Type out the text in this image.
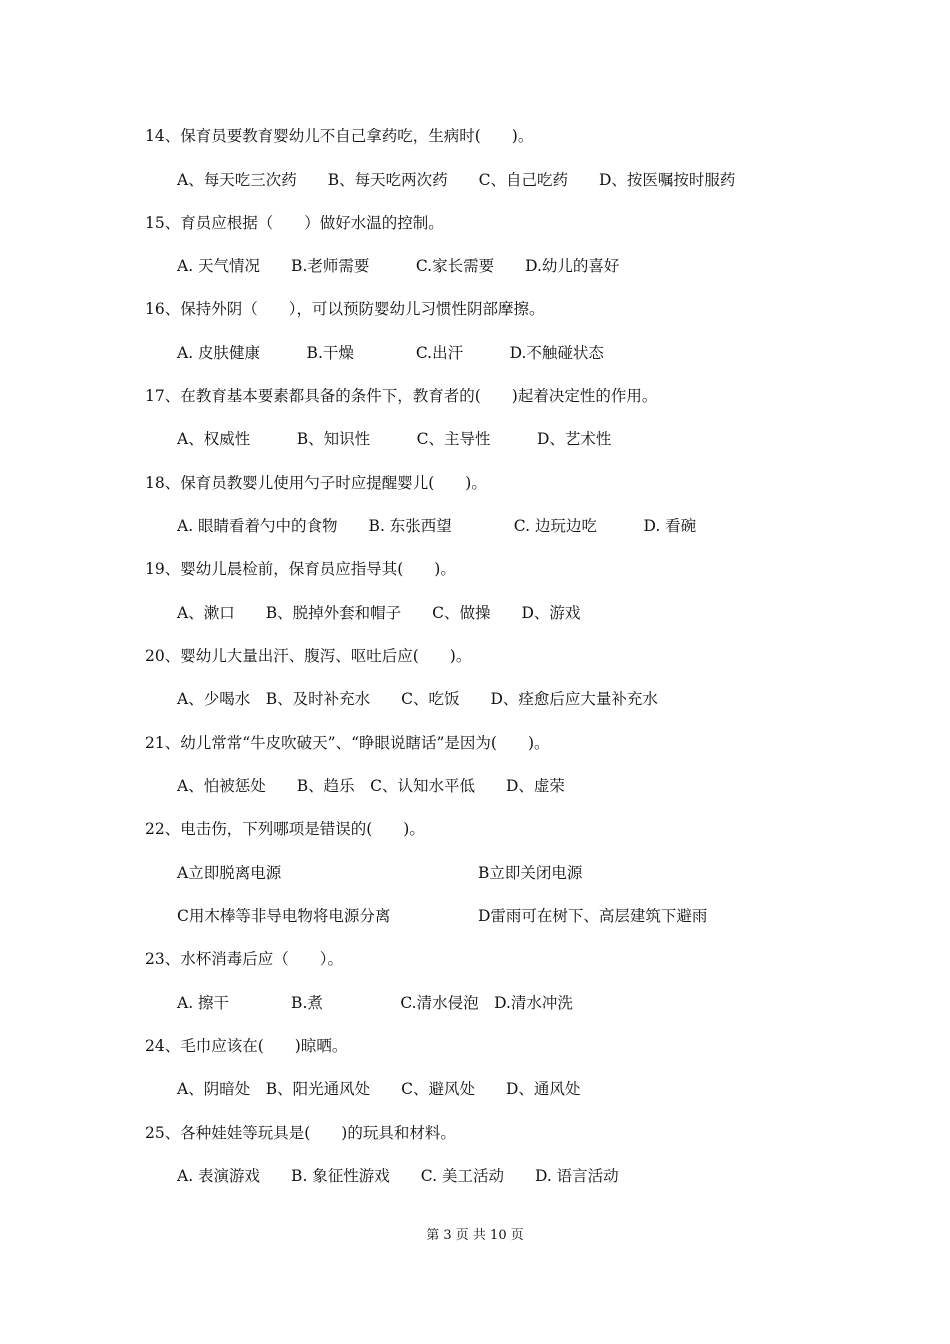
14、保育员要教育婴幼儿不自己拿药吃，生病时(　　)。
A、每天吃三次药　　B、每天吃两次药　　C、自己吃药　　D、按医嘱按时服药
15、育员应根据（　　）做好水温的控制。
A. 天气情况　　B.老师需要　　　C.家长需要　　D.幼儿的喜好
16、保持外阴（　　），可以预防婴幼儿习惯性阴部摩擦。
A. 皮肤健康　　　B.干燥　　　　C.出汗　　　D.不触碰状态
17、在教育基本要素都具备的条件下，教育者的(　　)起着决定性的作用。
A、权威性　　　B、知识性　　　C、主导性　　　D、艺术性
18、保育员教婴儿使用勺子时应提醒婴儿(　　)。
A. 眼睛看着勺中的食物　　B. 东张西望　　　　C. 边玩边吃　　　D. 看碗
19、婴幼儿晨检前，保育员应指导其(　　)。
A、漱口　　B、脱掉外套和帽子　　C、做操　　D、游戏
20、婴幼儿大量出汗、腹泻、呕吐后应(　　)。
A、少喝水　B、及时补充水　　C、吃饭　　D、痊愈后应大量补充水
21、幼儿常常“牛皮吹破天”、“睁眼说瞎话”是因为(　　)。
A、怕被惩处　　B、趋乐　C、认知水平低　　D、虚荣
22、电击伤，下列哪项是错误的(　　)。
A立即脱离电源	B立即关闭电源
C用木棒等非导电物将电源分离	D雷雨可在树下、高层建筑下避雨
23、水杯消毒后应（　　）。
A. 擦干　　　　B.煮　　　　　C.清水侵泡　D.清水冲洗
24、毛巾应该在(　　)晾晒。
A、阴暗处　B、阳光通风处　　C、避风处　　D、通风处
25、各种娃娃等玩具是(　　)的玩具和材料。
A. 表演游戏　　B. 象征性游戏　　C. 美工活动　　D. 语言活动
第 3 页 共 10 页
